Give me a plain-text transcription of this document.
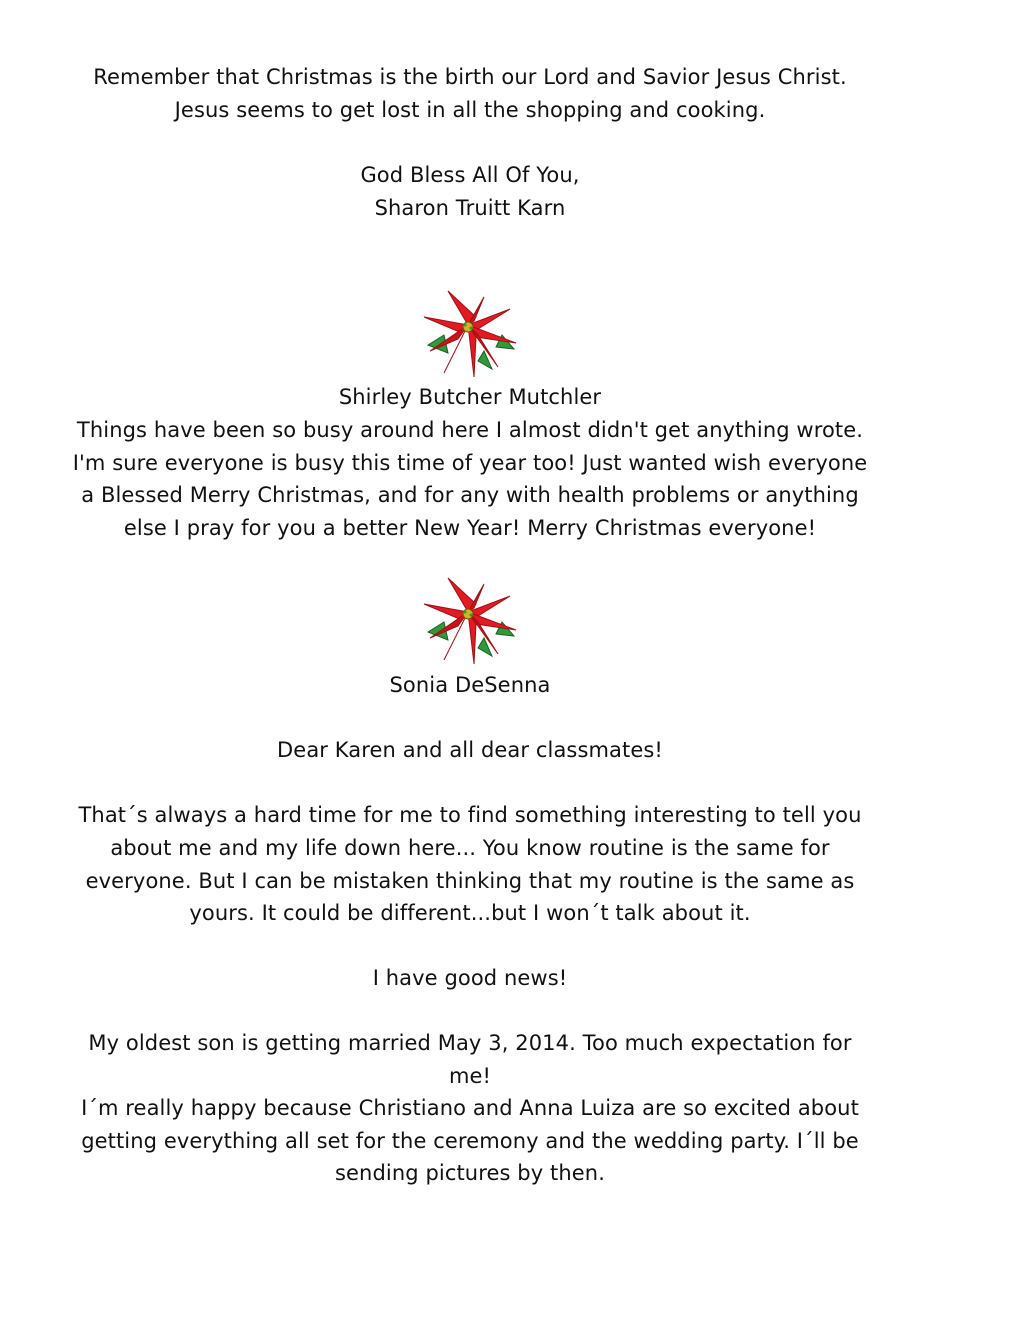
Remember that Christmas is the birth our Lord and Savior Jesus Christ.
Jesus seems to get lost in all the shopping and cooking.
God Bless All Of You,
Sharon Truitt Karn
Shirley Butcher Mutchler
Things have been so busy around here I almost didn't get anything wrote.
I'm sure everyone is busy this time of year too! Just wanted wish everyone
a Blessed Merry Christmas, and for any with health problems or anything
else I pray for you a better New Year! Merry Christmas everyone!
Sonia DeSenna
Dear Karen and all dear classmates!
That´s always a hard time for me to find something interesting to tell you
about me and my life down here... You know routine is the same for
everyone. But I can be mistaken thinking that my routine is the same as
yours. It could be different...but I won´t talk about it.
I have good news!
My oldest son is getting married May 3, 2014. Too much expectation for
me!
I´m really happy because Christiano and Anna Luiza are so excited about
getting everything all set for the ceremony and the wedding party. I´ll be
sending pictures by then.
